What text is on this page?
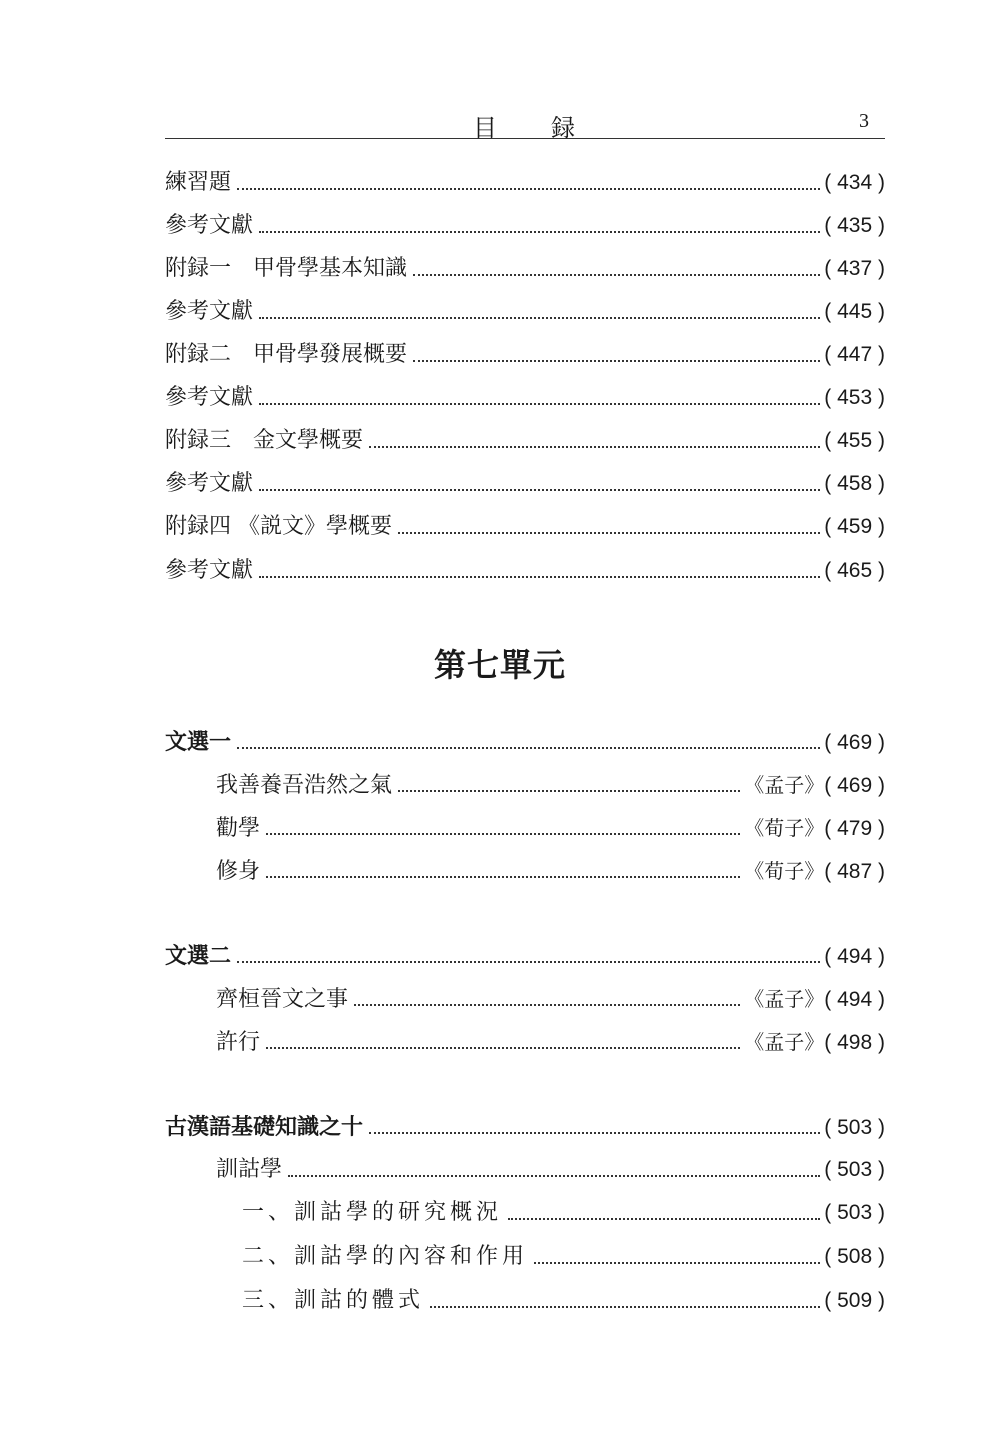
目　　録	3
練習題	( 434 )
參考文獻	( 435 )
附録一　甲骨學基本知識	( 437 )
參考文獻	( 445 )
附録二　甲骨學發展概要	( 447 )
參考文獻	( 453 )
附録三　金文學概要	( 455 )
參考文獻	( 458 )
附録四 《説文》學概要	( 459 )
參考文獻	( 465 )
第七單元
文選一	( 469 )
我善養吾浩然之氣	《孟子》 ( 469 )
勸學	《荀子》 ( 479 )
修身	《荀子》 ( 487 )
文選二	( 494 )
齊桓晉文之事	《孟子》 ( 494 )
許行	《孟子》 ( 498 )
古漢語基礎知識之十	( 503 )
訓詁學	( 503 )
一、訓詁學的研究概況	( 503 )
二、訓詁學的內容和作用	( 508 )
三、訓詁的體式	( 509 )
